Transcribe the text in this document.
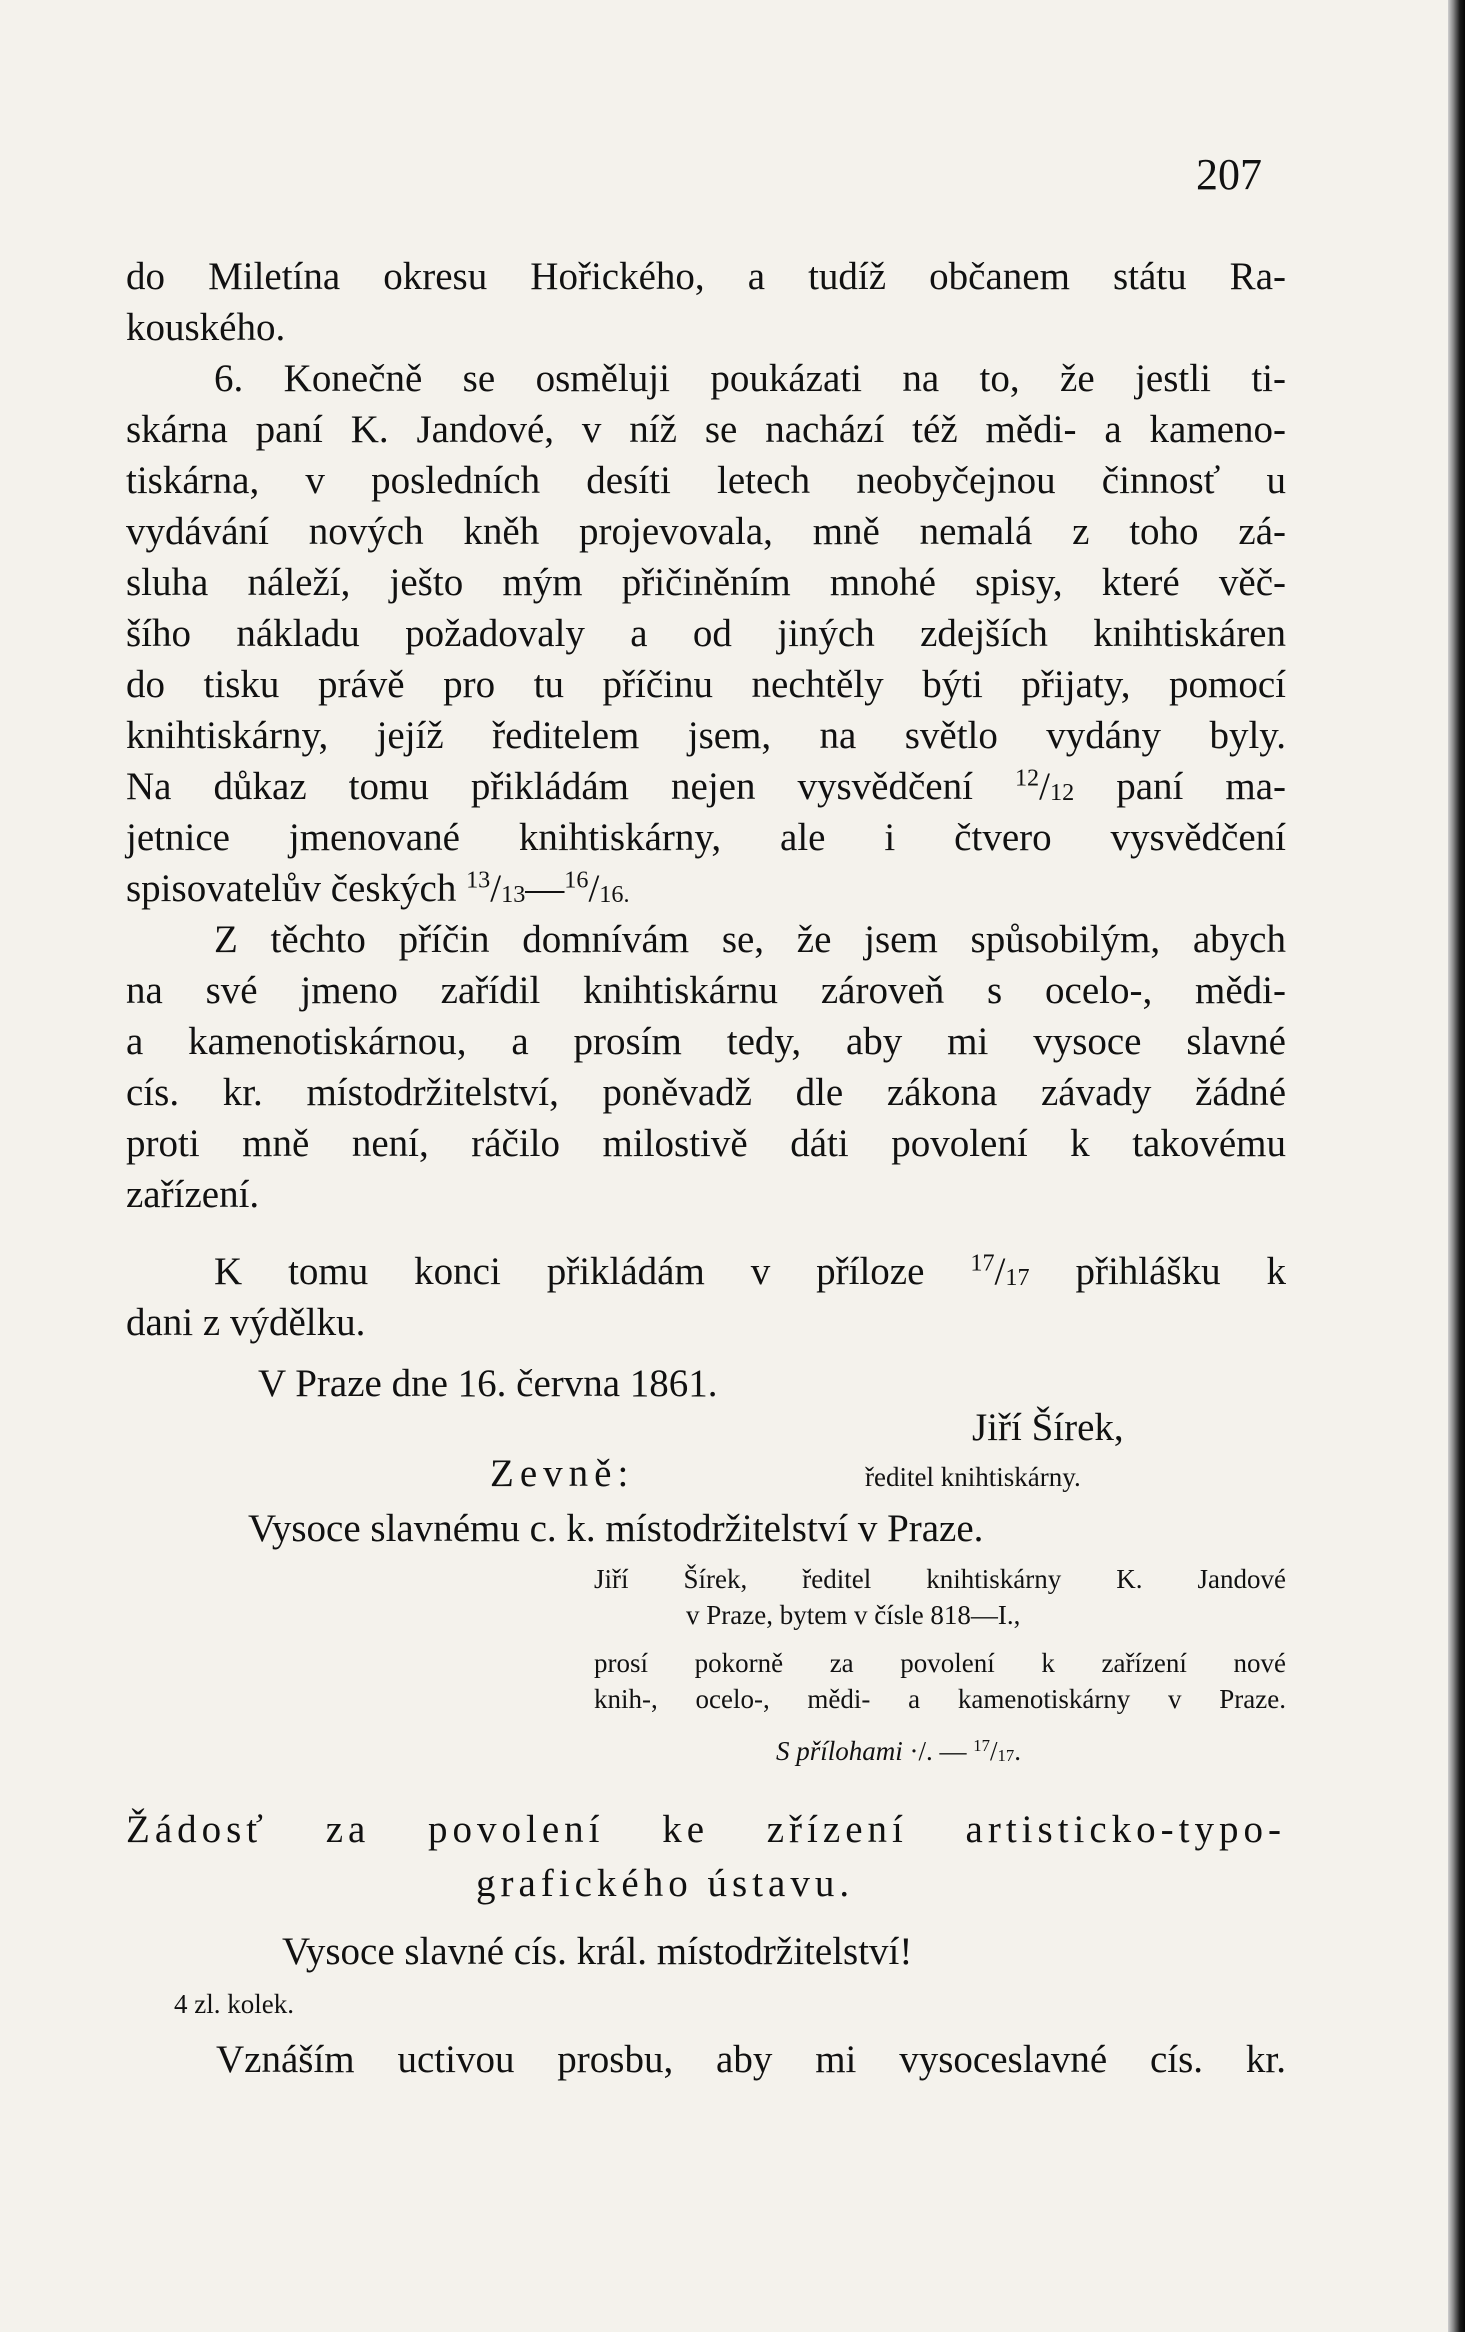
207
do Miletína okresu Hořického, a tudíž občanem státu Ra-
kouského.
6. Konečně se osměluji poukázati na to, že jestli ti-
skárna paní K. Jandové, v níž se nachází též mědi- a kameno-
tiskárna, v posledních desíti letech neobyčejnou činnosť u
vydávání nových kněh projevovala, mně nemalá z toho zá-
sluha náleží, ješto mým přičiněním mnohé spisy, které věč-
šího nákladu požadovaly a od jiných zdejších knihtiskáren
do tisku právě pro tu příčinu nechtěly býti přijaty, pomocí
knihtiskárny, jejíž ředitelem jsem, na světlo vydány byly.
Na důkaz tomu přikládám nejen vysvědčení $^{12}/_{12}$ paní ma-
jetnice jmenované knihtiskárny, ale i čtvero vysvědčení
spisovatelův českých $^{13}/_{13}—^{16}/_{16.}$
Z těchto příčin domnívám se, že jsem spůsobilým, abych
na své jmeno zařídil knihtiskárnu zároveň s ocelo-, mědi-
a kamenotiskárnou, a prosím tedy, aby mi vysoce slavné
cís. kr. místodržitelství, poněvadž dle zákona závady žádné
proti mně není, ráčilo milostivě dáti povolení k takovému
zařízení.
K tomu konci přikládám v příloze $^{17}/_{17}$ přihlášku k
dani z výdělku.
V Praze dne 16. června 1861.
Jiří Šírek,
Zevně:	ředitel knihtiskárny.
Vysoce slavnému c. k. místodržitelství v Praze.
Jiří Šírek, ředitel knihtiskárny K. Jandové
v Praze, bytem v čísle 818—I.,
prosí pokorně za povolení k zařízení nové
knih-, ocelo-, mědi- a kamenotiskárny v Praze.
S přílohami ·/. — $^{17}/_{17}$.
Žádosť za povolení ke zřízení artisticko-typo-
grafického ústavu.
Vysoce slavné cís. král. místodržitelství!
4 zl. kolek.
Vznáším uctivou prosbu, aby mi vysoceslavné cís. kr.
